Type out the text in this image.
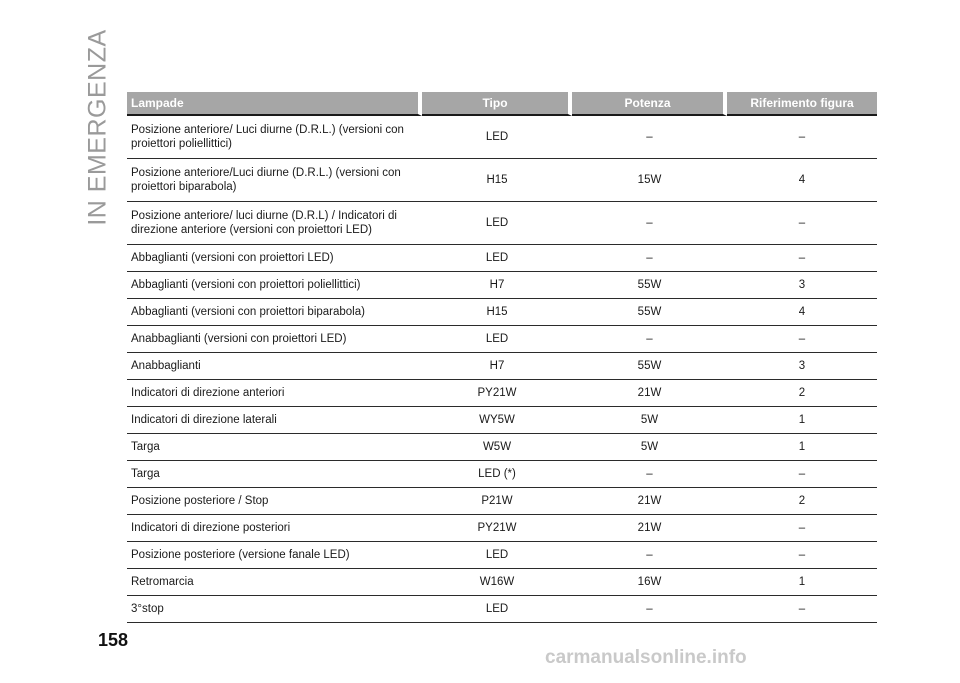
IN EMERGENZA Lampade	Tipo	Potenza	Riferimento figura
Posizione anteriore/ Luci diurne (D.R.L.) (versioni con proiettori poliellittici)	LED	–	–
Posizione anteriore/Luci diurne (D.R.L.) (versioni con proiettori biparabola)	H15	15W	4
Posizione anteriore/ luci diurne (D.R.L) / Indicatori di direzione anteriore (versioni con proiettori LED)	LED	–	–
Abbaglianti (versioni con proiettori LED)	LED	–	–
Abbaglianti (versioni con proiettori poliellittici)	H7	55W	3
Abbaglianti (versioni con proiettori biparabola)	H15	55W	4
Anabbaglianti (versioni con proiettori LED)	LED	–	–
Anabbaglianti	H7	55W	3
Indicatori di direzione anteriori	PY21W	21W	2
Indicatori di direzione laterali	WY5W	5W	1
Targa	W5W	5W	1
Targa	LED (*)	–	–
Posizione posteriore / Stop	P21W	21W	2
Indicatori di direzione posteriori	PY21W	21W	–
Posizione posteriore (versione fanale LED)	LED	–	–
Retromarcia	W16W	16W	1
3°stop	LED	–	–
158
carmanualsonline.info
